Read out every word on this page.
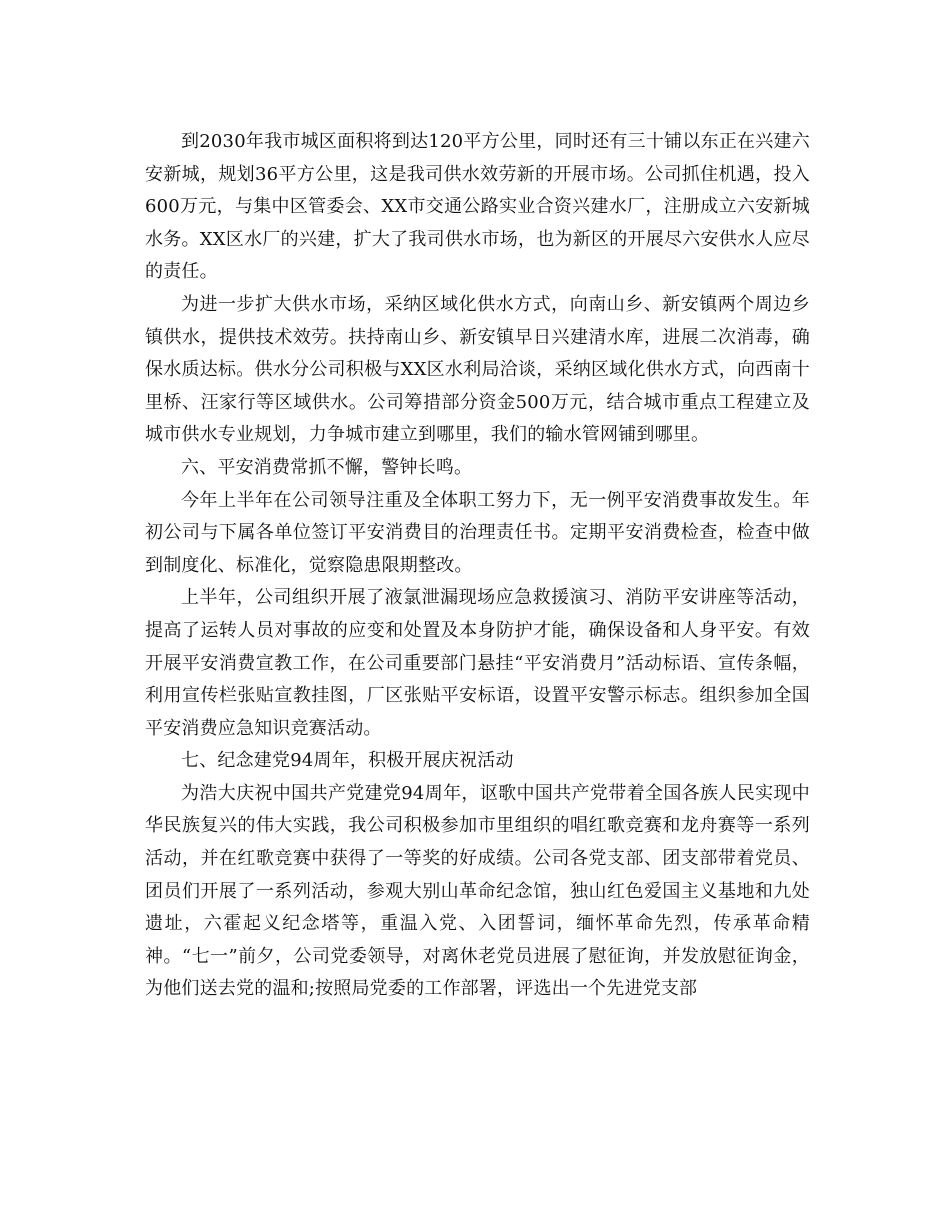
到2030年我市城区面积将到达120平方公里，同时还有三十铺以东正在兴建六安新城，规划36平方公里，这是我司供水效劳新的开展市场。公司抓住机遇，投入600万元，与集中区管委会、XX市交通公路实业合资兴建水厂，注册成立六安新城水务。XX区水厂的兴建，扩大了我司供水市场，也为新区的开展尽六安供水人应尽的责任。

为进一步扩大供水市场，采纳区域化供水方式，向南山乡、新安镇两个周边乡镇供水，提供技术效劳。扶持南山乡、新安镇早日兴建清水库，进展二次消毒，确保水质达标。供水分公司积极与XX区水利局洽谈，采纳区域化供水方式，向西南十里桥、汪家行等区域供水。公司筹措部分资金500万元，结合城市重点工程建立及城市供水专业规划，力争城市建立到哪里，我们的输水管网铺到哪里。

六、平安消费常抓不懈，警钟长鸣。

今年上半年在公司领导注重及全体职工努力下，无一例平安消费事故发生。年初公司与下属各单位签订平安消费目的治理责任书。定期平安消费检查，检查中做到制度化、标准化，觉察隐患限期整改。

上半年，公司组织开展了液氯泄漏现场应急救援演习、消防平安讲座等活动，提高了运转人员对事故的应变和处置及本身防护才能，确保设备和人身平安。有效开展平安消费宣教工作，在公司重要部门悬挂“平安消费月”活动标语、宣传条幅，利用宣传栏张贴宣教挂图，厂区张贴平安标语，设置平安警示标志。组织参加全国平安消费应急知识竞赛活动。

七、纪念建党94周年，积极开展庆祝活动

为浩大庆祝中国共产党建党94周年，讴歌中国共产党带着全国各族人民实现中华民族复兴的伟大实践，我公司积极参加市里组织的唱红歌竞赛和龙舟赛等一系列活动，并在红歌竞赛中获得了一等奖的好成绩。公司各党支部、团支部带着党员、团员们开展了一系列活动，参观大别山革命纪念馆，独山红色爱国主义基地和九处遗址，六霍起义纪念塔等，重温入党、入团誓词，缅怀革命先烈，传承革命精神。“七一”前夕，公司党委领导，对离休老党员进展了慰征询，并发放慰征询金，为他们送去党的温和;按照局党委的工作部署，评选出一个先进党支部
